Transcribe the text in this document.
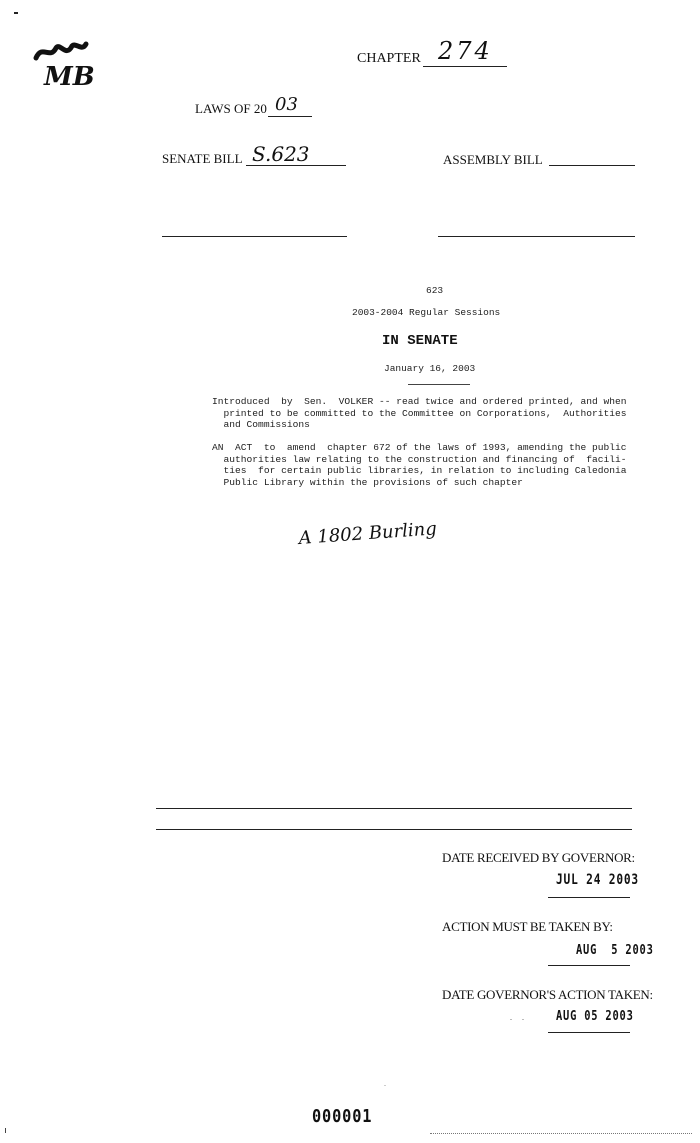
MB
CHAPTER 274
LAWS OF 20 03
SENATE BILL S.623	ASSEMBLY BILL
623
2003-2004 Regular Sessions
IN SENATE
January 16, 2003
Introduced  by  Sen.  VOLKER -- read twice and ordered printed, and when
printed to be committed to the Committee on Corporations,  Authorities
and Commissions
AN  ACT  to  amend  chapter 672 of the laws of 1993, amending the public
authorities law relating to the construction and financing of  facili-
ties  for certain public libraries, in relation to including Caledonia
Public Library within the provisions of such chapter
A 1802 Burling
DATE RECEIVED BY GOVERNOR:
JUL 24 2003
ACTION MUST BE TAKEN BY:
AUG  5 2003
DATE GOVERNOR'S ACTION TAKEN:
AUG 05 2003
000001
